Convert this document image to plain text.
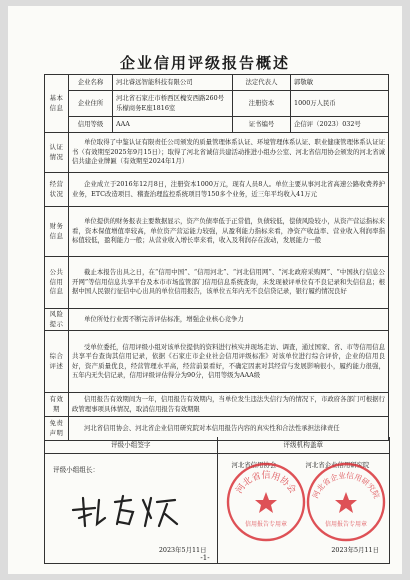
企业信用评级报告概述
基本信息	企业名称	河北睿远智能科技有限公司	法定代表人	郭敬敏
	企业住所	河北省石家庄市桥西区槐安西路260号乐檬商务E座1816室	注册资本	1000万人民币
	信用等级	AAA	证书编号	企信评（2023）032号
认证情况	单位取得了中鉴认证有限责任公司颁发的质量管理体系认证、环境管理体系认证、职业健康管理体系认证证书（有效期至2025年9月15日）；取得了河北省诚信共建活动推进小组办公室、河北省信用协会颁发的河北省诚信共建企业牌匾（有效期至2024年1月）			
经营状况	企业成立于2016年12月8日，注册资本1000万元，现有人员8人。单位主要从事河北省高速公路收费养护业务，ETC改造项目、稽査治理监控系统项目等150多个业务，近三年平均收入41万元			
财务信息	单位提供的财务报表主要数据显示，资产负债率低于正常值，负债较低，偿债风险较小，从资产营运指标来看，资本保值增值率较高，单位资产营运能力较强，从盈利能力指标来看，净资产收益率、营业收入利润率指标值较低，盈利能力一般；从营业收入增长率来看，收入及利润存在波动，发展能力一般			
公共信用信息	截止本报告出具之日，在“信用中国”、“信用河北”、“河北信用网”、“河北政府采购网”、“中国执行信息公开网”等信用信息共享平台及本市市场监管部门信用信息系统查询，未发现被评单位有不良记录和失信信息；根据中国人民银行征信中心出具的单位信用报告，该单位五年内无不良信贷记录，银行履约情况良好			
风险提示	单位所处行业需不断完善评估标准，增强企业核心竞争力			
综合评述	受单位委托，信用评级小组对该单位提供的资料进行核实并现场走访、调査，通过国家、省、市等信用信息共享平台查询其信用记录，依据《石家庄市企业社会信用评级标准》对该单位进行综合评价，企业的信用良好，资产质量优良，经营管理水平高，经营前景看好，不确定因素对其经营与发展影响很小，履约能力很强，五年内无失信记录，信用评级评估得分为90分，信用等级为AAA级			
有效期	信用报告有效期间为一年，信用报告有效期内，当单位发生违法失信行为的情况下，市政府各部门可根据行政管理事项具体情况，取消信用报告有效期限			
免责声明	河北省信用协会、河北省企业信用研究院对本信用报告内容的真实性和合法性承担法律责任			
评级小组签字	评级机构盖章
评级小组组长：
2023年5月11日
河北省信用协会	河北省企业信用研究院
河北省信用协会
信用报告专用章
河北省企业信用研究院
信用报告专用章
2023年5月11日
-1-
